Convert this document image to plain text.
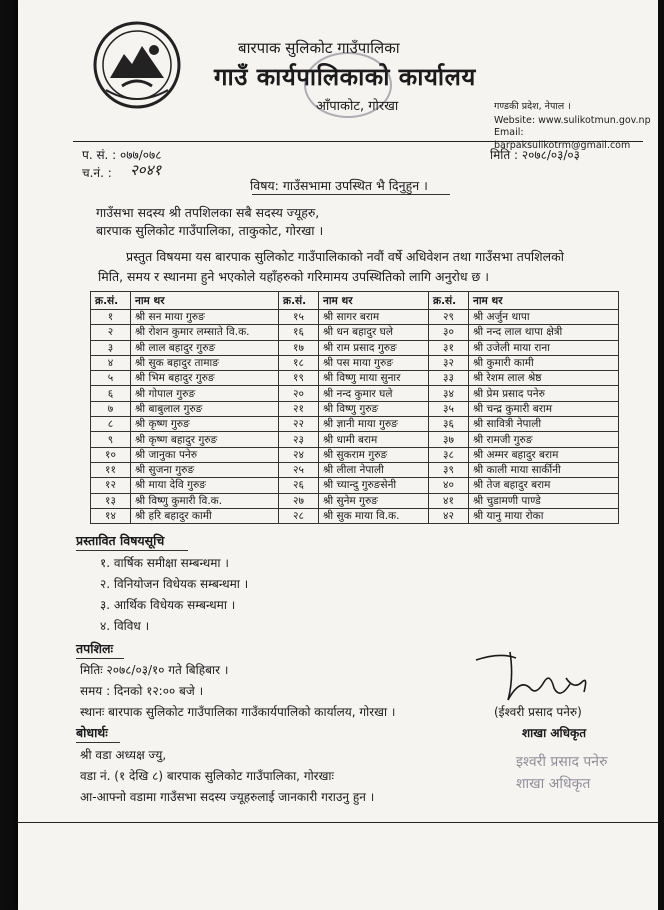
बारपाक सुलिकोट गाउँपालिका
गाउँ कार्यपालिकाको कार्यालय
आँपाकोट, गोरखा	गण्डकी प्रदेश, नेपाल ।
Website: www.sulikotmun.gov.np
Email: barpaksulikotrm@gmail.com
प. सं. : ०७७/०७८
च.नं. : २०४१
मिति : २०७८/०३/०३
विषय: गाउँसभामा उपस्थित भै दिनुहुन ।
गाउँसभा सदस्य श्री तपशिलका सबै सदस्य ज्यूहरु,
बारपाक सुलिकोट गाउँपालिका, ताकुकोट, गोरखा ।
प्रस्तुत विषयमा यस बारपाक सुलिकोट गाउँपालिकाको नवौं वर्षे अधिवेशन तथा गाउँसभा तपशिलको
मिति, समय र स्थानमा हुने भएकोले यहाँहरुको गरिमामय उपस्थितिको लागि अनुरोध छ ।
क्र.सं.	नाम थर	क्र.सं.	नाम थर	क्र.सं.	नाम थर
१	श्री सन माया गुरुङ	१५	श्री सागर बराम	२९	श्री अर्जुन थापा
२	श्री रोशन कुमार लम्साते वि.क.	१६	श्री धन बहादुर घले	३०	श्री नन्द लाल थापा क्षेत्री
३	श्री लाल बहादुर गुरुङ	१७	श्री राम प्रसाद गुरुङ	३१	श्री उजेली माया राना
४	श्री सुक बहादुर तामाङ	१८	श्री पस माया गुरुङ	३२	श्री कुमारी कामी
५	श्री भिम बहादुर गुरुङ	१९	श्री विष्णु माया सुनार	३३	श्री रेशम लाल श्रेष्ठ
६	श्री गोपाल गुरुङ	२०	श्री नन्द कुमार घले	३४	श्री प्रेम प्रसाद पनेरु
७	श्री बाबुलाल गुरुङ	२१	श्री विष्णु गुरुङ	३५	श्री चन्द्र कुमारी बराम
८	श्री कृष्ण गुरुङ	२२	श्री ज्ञानी माया गुरुङ	३६	श्री सावित्री नेपाली
९	श्री कृष्ण बहादुर गुरुङ	२३	श्री धामी बराम	३७	श्री रामजी गुरुङ
१०	श्री जानुका पनेरु	२४	श्री सुकराम गुरुङ	३८	श्री अम्मर बहादुर बराम
११	श्री सुजना गुरुङ	२५	श्री लीला नेपाली	३९	श्री काली माया सार्कीनी
१२	श्री माया देवि गुरुङ	२६	श्री च्यान्दु गुरुङसेनी	४०	श्री तेज बहादुर बराम
१३	श्री विष्णु कुमारी वि.क.	२७	श्री सुनेम गुरुङ	४१	श्री चुडामणी पाण्डे
१४	श्री हरि बहादुर कामी	२८	श्री सुक माया वि.क.	४२	श्री यानु माया रोका
प्रस्तावित विषयसूचि
१. वार्षिक समीक्षा सम्बन्धमा ।
२. विनियोजन विधेयक सम्बन्धमा ।
३. आर्थिक विधेयक सम्बन्धमा ।
४. विविध ।
तपशिलः
मितिः २०७८/०३/१० गते बिहिबार ।
समय : दिनको १२:०० बजे ।
स्थानः बारपाक सुलिकोट गाउँपालिका गाउँकार्यपालिको कार्यालय, गोरखा ।	(ईश्वरी प्रसाद पनेरु)
शाखा अधिकृत
इश्वरी प्रसाद पनेरु
शाखा अधिकृत
बोधार्थः
श्री वडा अध्यक्ष ज्यु,
वडा नं. (१ देखि ८) बारपाक सुलिकोट गाउँपालिका, गोरखाः
आ-आफ्नो वडामा गाउँसभा सदस्य ज्यूहरुलाई जानकारी गराउनु हुन ।
